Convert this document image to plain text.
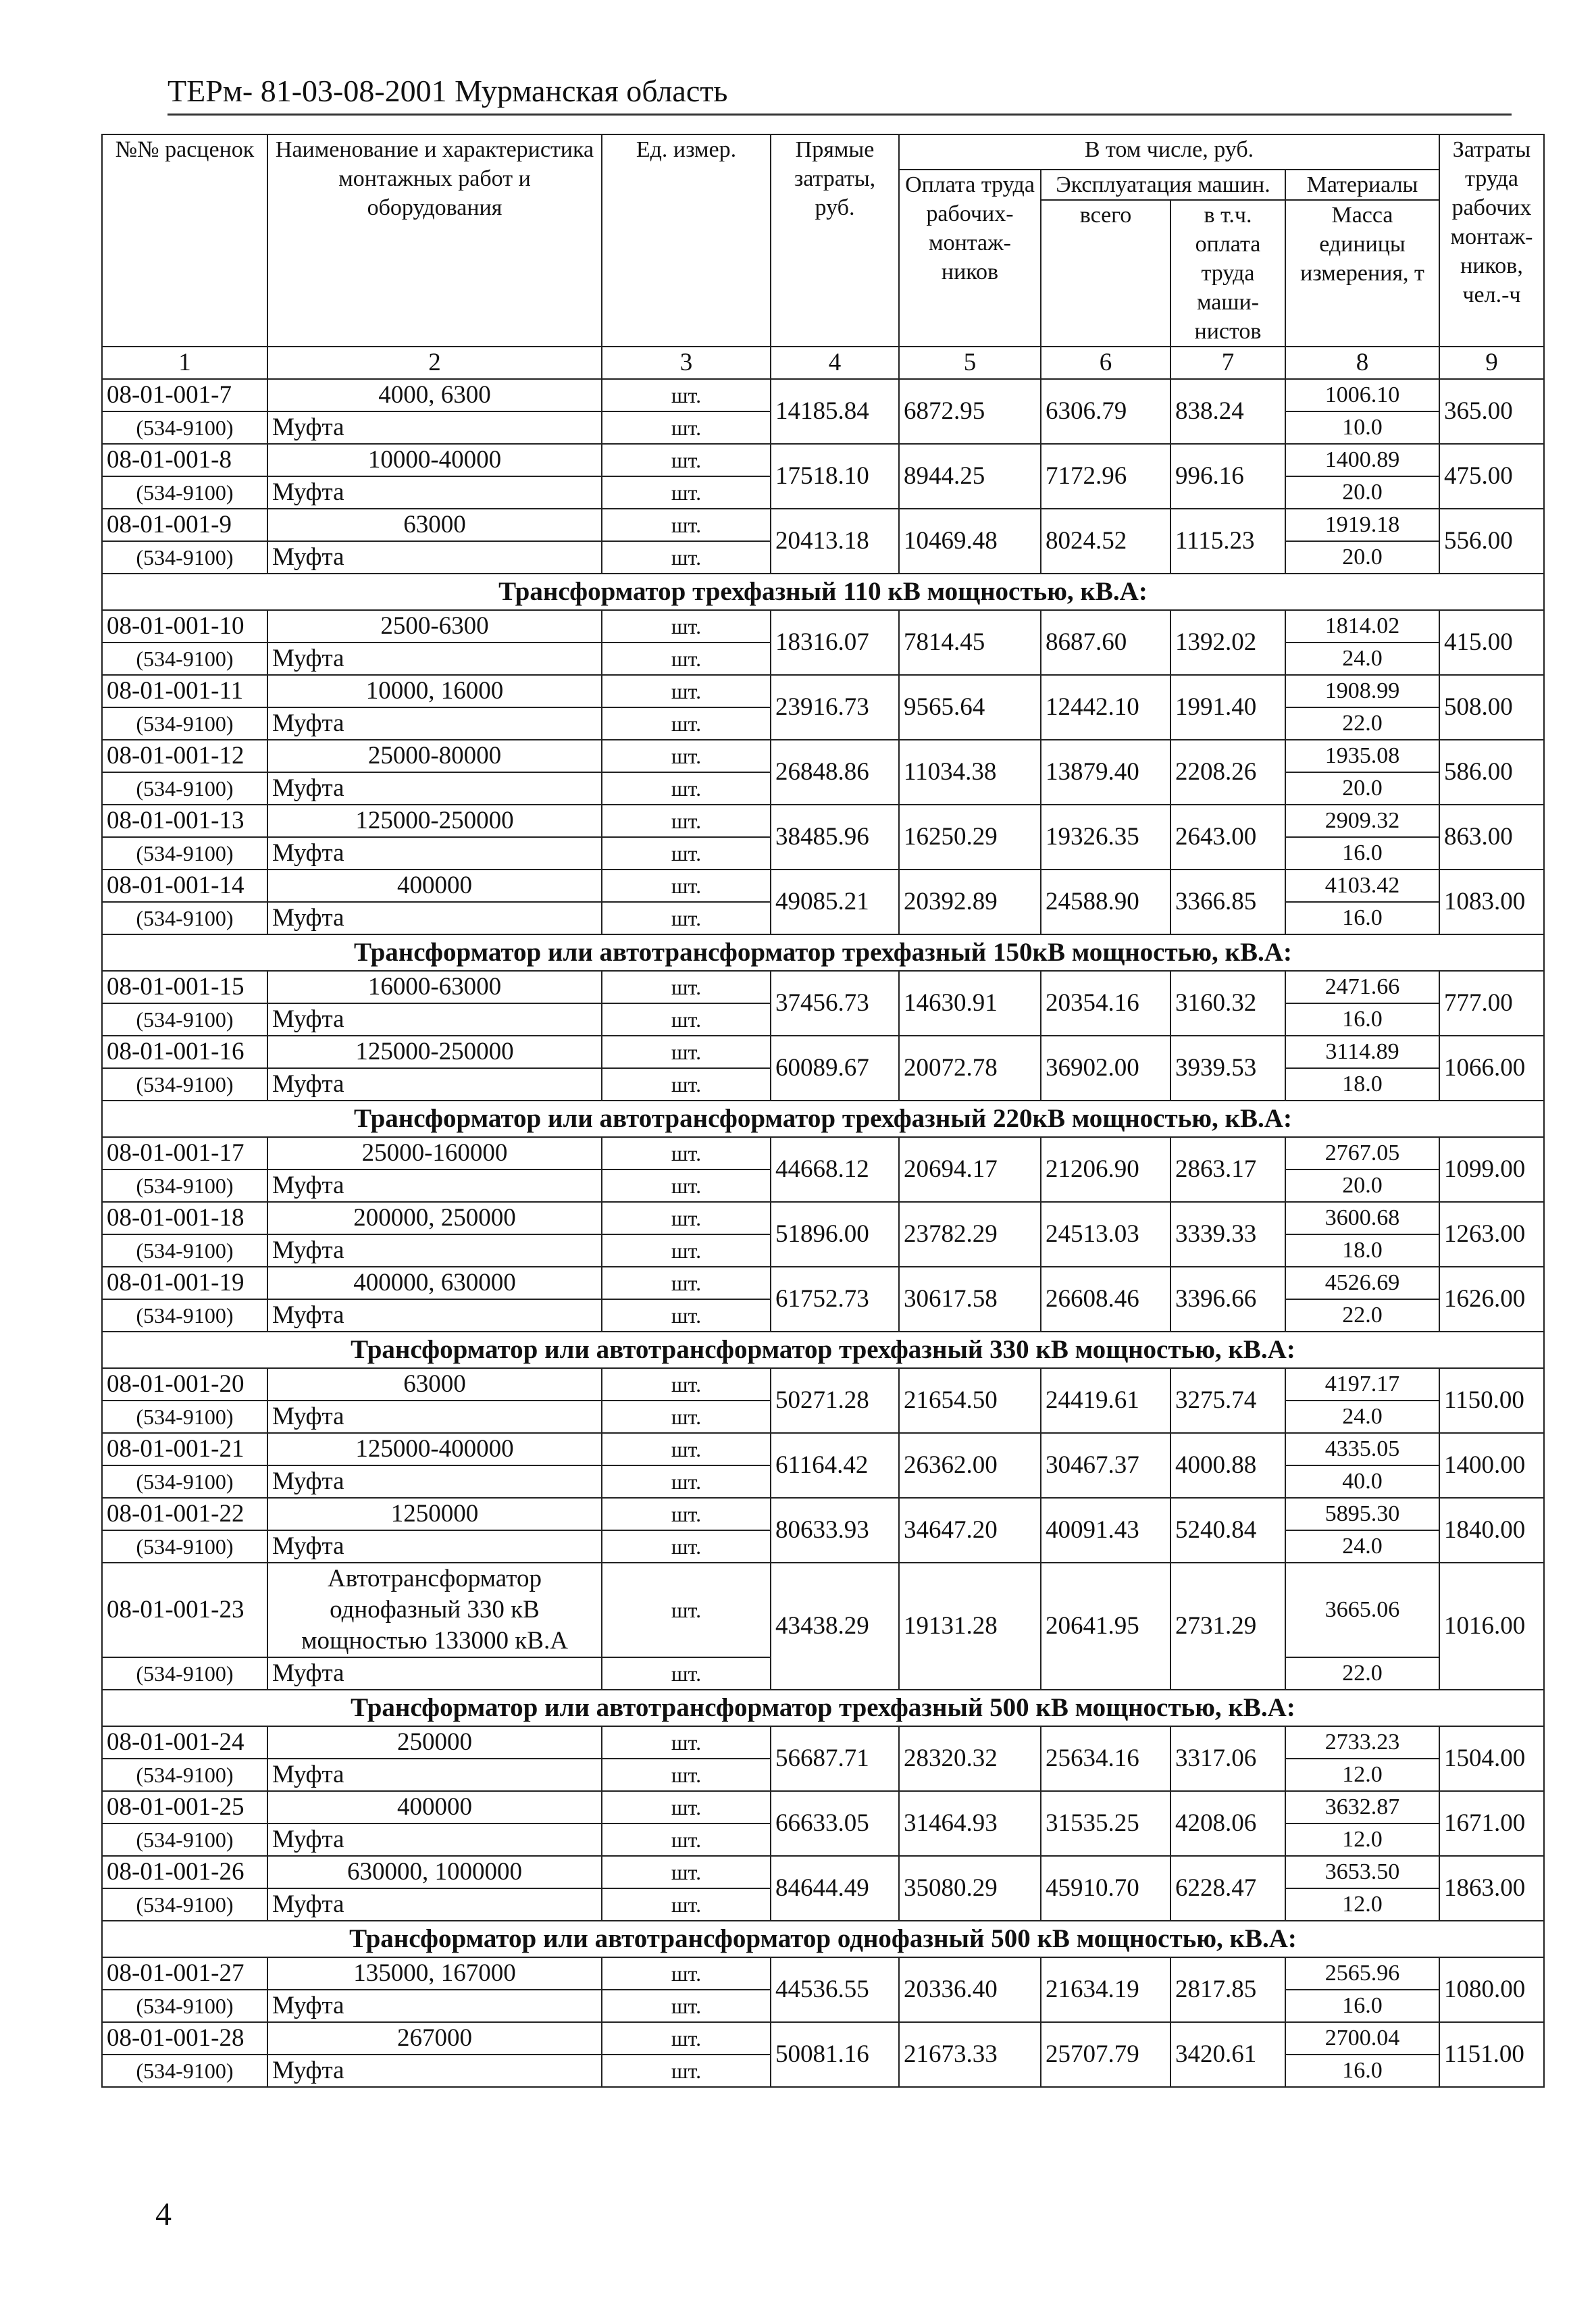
ТЕРм- 81-03-08-2001 Мурманская область
№№ расценок	Наименование и характеристика монтажных работ и оборудования	Ед. измер.	Прямые затраты, руб.	В том числе, руб.				Затраты труда рабочих монтаж-ников, чел.-ч
				Оплата труда рабочих-монтаж-ников	Эксплуатация машин.		Материалы	
					всего	в т.ч. оплата труда маши-нистов	Масса единицы измерения, т	
1	2	3	4	5	6	7	8	9
08-01-001-7	4000, 6300	шт.	14185.84	6872.95	6306.79	838.24	1006.10	365.00
(534-9100)	Муфта	шт.					10.0	
08-01-001-8	10000-40000	шт.	17518.10	8944.25	7172.96	996.16	1400.89	475.00
(534-9100)	Муфта	шт.					20.0	
08-01-001-9	63000	шт.	20413.18	10469.48	8024.52	1115.23	1919.18	556.00
(534-9100)	Муфта	шт.					20.0	
Трансформатор трехфазный 110 кВ мощностью, кВ.А:								
08-01-001-10	2500-6300	шт.	18316.07	7814.45	8687.60	1392.02	1814.02	415.00
(534-9100)	Муфта	шт.					24.0	
08-01-001-11	10000, 16000	шт.	23916.73	9565.64	12442.10	1991.40	1908.99	508.00
(534-9100)	Муфта	шт.					22.0	
08-01-001-12	25000-80000	шт.	26848.86	11034.38	13879.40	2208.26	1935.08	586.00
(534-9100)	Муфта	шт.					20.0	
08-01-001-13	125000-250000	шт.	38485.96	16250.29	19326.35	2643.00	2909.32	863.00
(534-9100)	Муфта	шт.					16.0	
08-01-001-14	400000	шт.	49085.21	20392.89	24588.90	3366.85	4103.42	1083.00
(534-9100)	Муфта	шт.					16.0	
Трансформатор или автотрансформатор трехфазный 150кВ мощностью, кВ.А:								
08-01-001-15	16000-63000	шт.	37456.73	14630.91	20354.16	3160.32	2471.66	777.00
(534-9100)	Муфта	шт.					16.0	
08-01-001-16	125000-250000	шт.	60089.67	20072.78	36902.00	3939.53	3114.89	1066.00
(534-9100)	Муфта	шт.					18.0	
Трансформатор или автотрансформатор трехфазный 220кВ мощностью, кВ.А:								
08-01-001-17	25000-160000	шт.	44668.12	20694.17	21206.90	2863.17	2767.05	1099.00
(534-9100)	Муфта	шт.					20.0	
08-01-001-18	200000, 250000	шт.	51896.00	23782.29	24513.03	3339.33	3600.68	1263.00
(534-9100)	Муфта	шт.					18.0	
08-01-001-19	400000, 630000	шт.	61752.73	30617.58	26608.46	3396.66	4526.69	1626.00
(534-9100)	Муфта	шт.					22.0	
Трансформатор или автотрансформатор трехфазный 330 кВ мощностью, кВ.А:								
08-01-001-20	63000	шт.	50271.28	21654.50	24419.61	3275.74	4197.17	1150.00
(534-9100)	Муфта	шт.					24.0	
08-01-001-21	125000-400000	шт.	61164.42	26362.00	30467.37	4000.88	4335.05	1400.00
(534-9100)	Муфта	шт.					40.0	
08-01-001-22	1250000	шт.	80633.93	34647.20	40091.43	5240.84	5895.30	1840.00
(534-9100)	Муфта	шт.					24.0	
08-01-001-23	Автотрансформатор однофазный 330 кВ мощностью 133000 кВ.А	шт.	43438.29	19131.28	20641.95	2731.29	3665.06	1016.00
(534-9100)	Муфта	шт.					22.0	
Трансформатор или автотрансформатор трехфазный 500 кВ мощностью, кВ.А:								
08-01-001-24	250000	шт.	56687.71	28320.32	25634.16	3317.06	2733.23	1504.00
(534-9100)	Муфта	шт.					12.0	
08-01-001-25	400000	шт.	66633.05	31464.93	31535.25	4208.06	3632.87	1671.00
(534-9100)	Муфта	шт.					12.0	
08-01-001-26	630000, 1000000	шт.	84644.49	35080.29	45910.70	6228.47	3653.50	1863.00
(534-9100)	Муфта	шт.					12.0	
Трансформатор или автотрансформатор однофазный 500 кВ мощностью, кВ.А:								
08-01-001-27	135000, 167000	шт.	44536.55	20336.40	21634.19	2817.85	2565.96	1080.00
(534-9100)	Муфта	шт.					16.0	
08-01-001-28	267000	шт.	50081.16	21673.33	25707.79	3420.61	2700.04	1151.00
(534-9100)	Муфта	шт.					16.0	
4
